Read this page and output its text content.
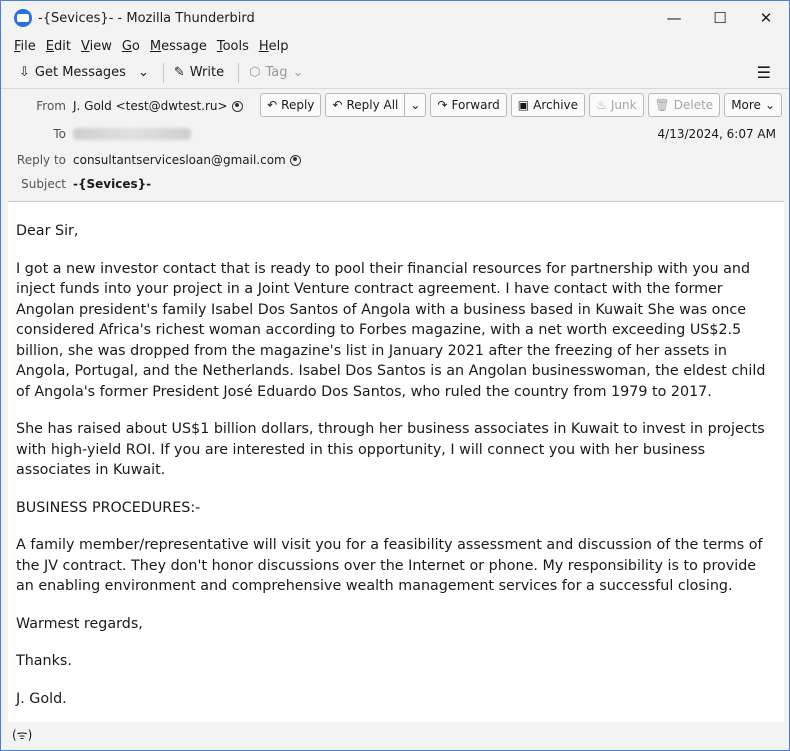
-{Sevices}- - Mozilla Thunderbird	—	☐	✕
File Edit View Go Message Tools Help
⇩ Get Messages ⌄ ✎ Write ⬡ Tag ⌄	☰
From J. Gold <test@dwtest.ru>
To
Reply to consultantservicesloan@gmail.com
Subject -{Sevices}-
↶ Reply ↶ Reply All ⌄ ↷ Forward ▣ Archive ♨ Junk 🗑 Delete More ⌄
4/13/2024, 6:07 AM

Dear Sir,

I got a new investor contact that is ready to pool their financial resources for partnership with you and inject funds into your project in a Joint Venture contract agreement. I have contact with the former Angolan president's family Isabel Dos Santos of Angola with a business based in Kuwait She was once considered Africa's richest woman according to Forbes magazine, with a net worth exceeding US$2.5 billion, she was dropped from the magazine's list in January 2021 after the freezing of her assets in Angola, Portugal, and the Netherlands. Isabel Dos Santos is an Angolan businesswoman, the eldest child of Angola's former President José Eduardo Dos Santos, who ruled the country from 1979 to 2017.

She has raised about US$1 billion dollars, through her business associates in Kuwait to invest in projects with high-yield ROI. If you are interested in this opportunity, I will connect you with her business associates in Kuwait.

BUSINESS PROCEDURES:-

A family member/representative will visit you for a feasibility assessment and discussion of the terms of the JV contract. They don't honor discussions over the Internet or phone. My responsibility is to provide an enabling environment and comprehensive wealth management services for a successful closing.

Warmest regards,

Thanks.

J. Gold.

(ᯤ)
